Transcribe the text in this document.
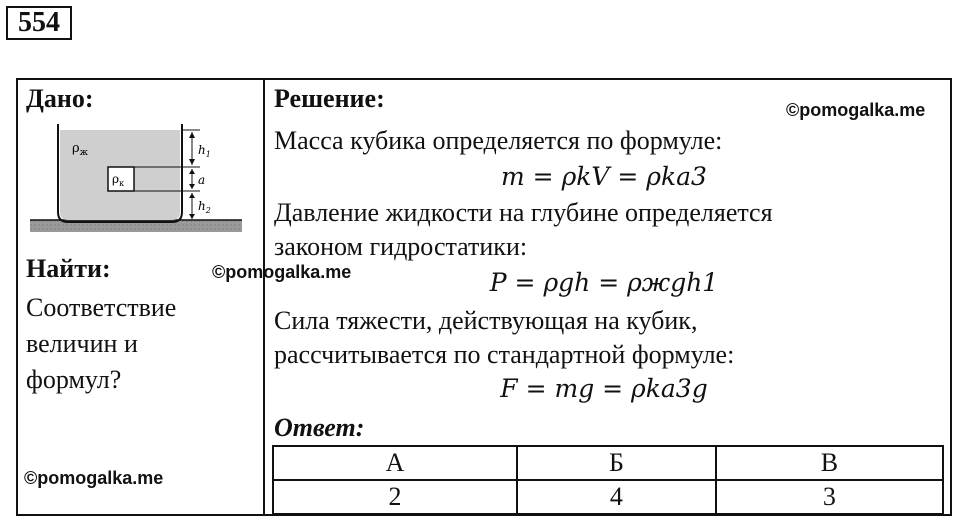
554
Дано:
$\rho_ж$
$\rho_к$
$h_1$
a
$h_2$
Найти:	©pomogalka.me
Соответствие
величин и
формул?
©pomogalka.me
Решение:	©pomogalka.me
Масса кубика определяется по формуле:
m = ρkV = ρka3
Давление жидкости на глубине определяется
законом гидростатики:
P = ρgh = ρжgh1
Сила тяжести, действующая на кубик,
рассчитывается по стандартной формуле:
F = mg = ρka3g
Ответ:
А	Б	В
2	4	3
